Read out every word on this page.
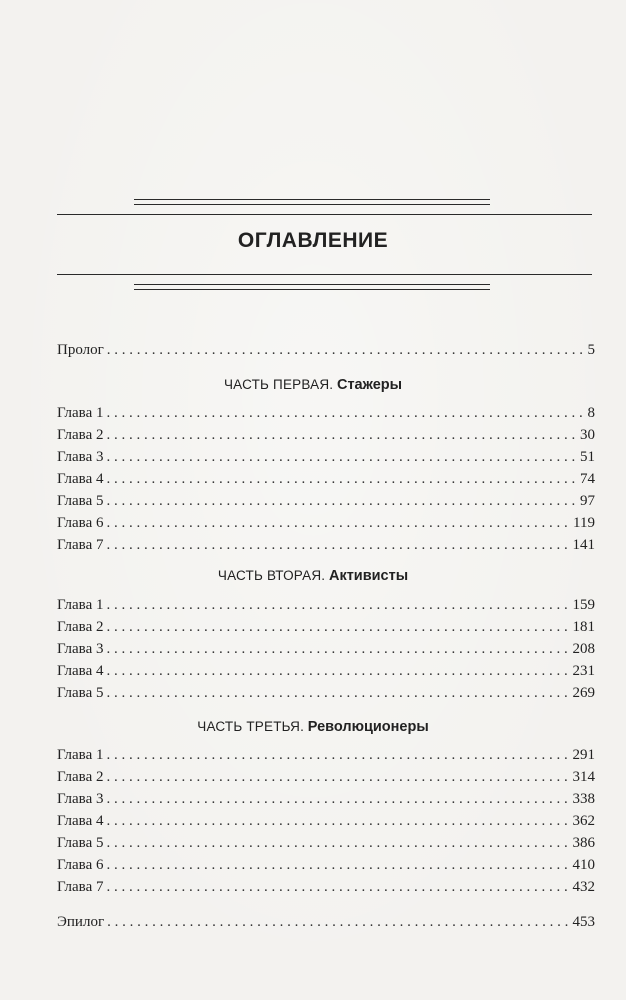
ОГЛАВЛЕНИЕ
Пролог . . .	5
ЧАСТЬ ПЕРВАЯ. Стажеры
Глава 1 . . .	8
Глава 2 . . .	30
Глава 3 . . .	51
Глава 4 . . .	74
Глава 5 . . .	97
Глава 6 . . .	119
Глава 7 . . .	141
ЧАСТЬ ВТОРАЯ. Активисты
Глава 1 . . .	159
Глава 2 . . .	181
Глава 3 . . .	208
Глава 4 . . .	231
Глава 5 . . .	269
ЧАСТЬ ТРЕТЬЯ. Революционеры
Глава 1 . . .	291
Глава 2 . . .	314
Глава 3 . . .	338
Глава 4 . . .	362
Глава 5 . . .	386
Глава 6 . . .	410
Глава 7 . . .	432
Эпилог . . .	453
